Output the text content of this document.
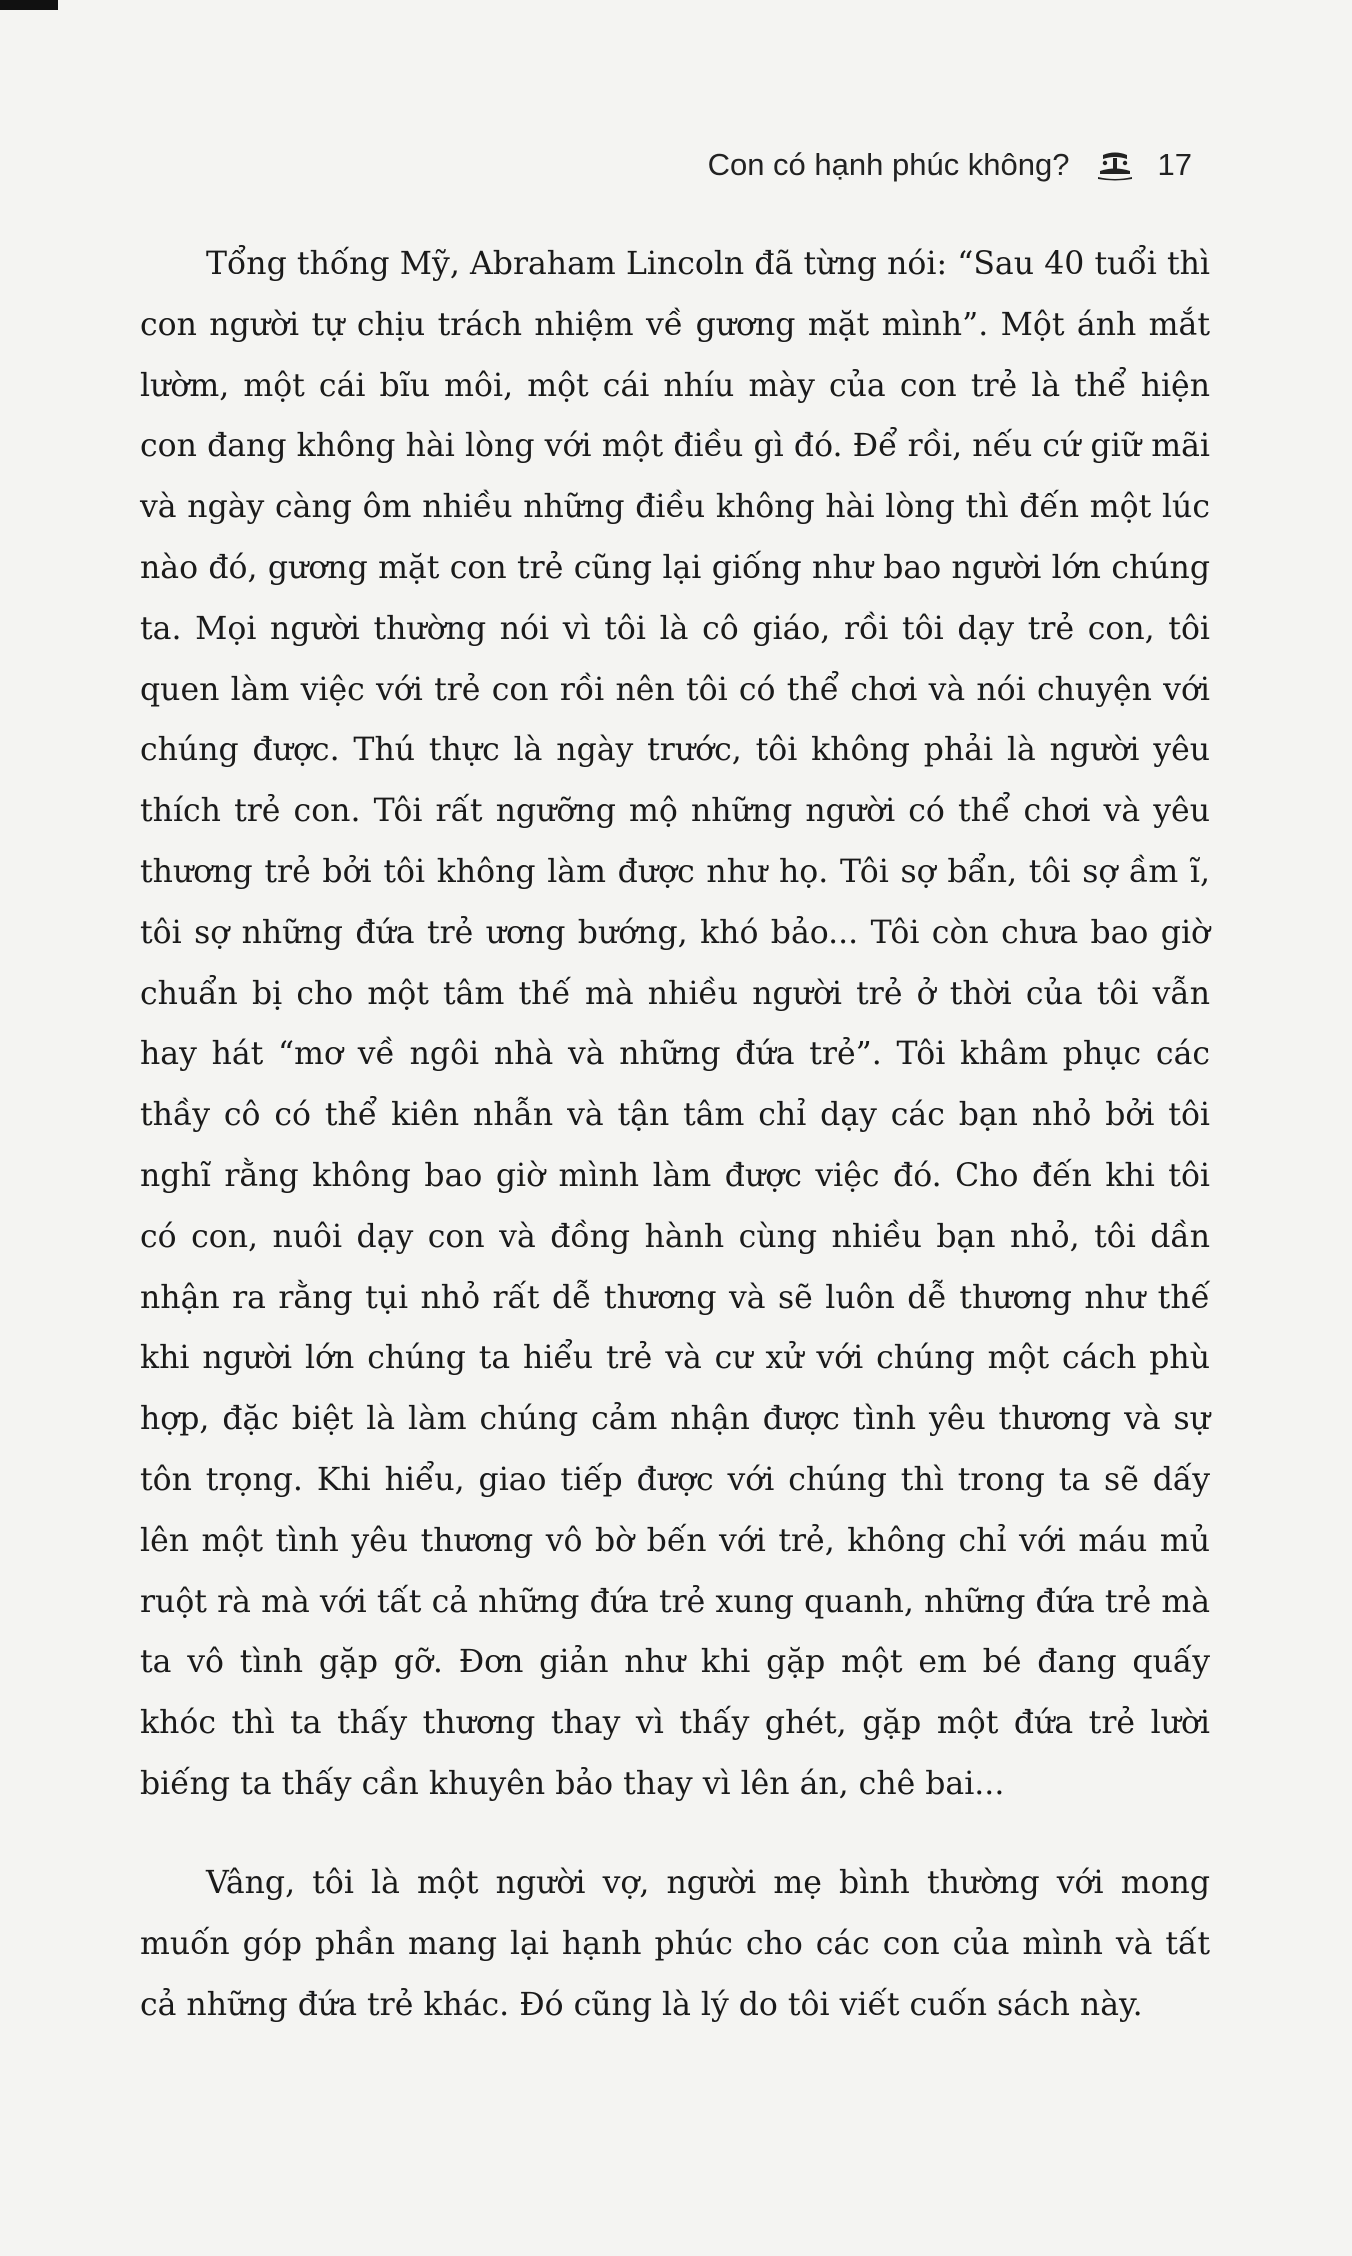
Con có hạnh phúc không?	17

Tổng thống Mỹ, Abraham Lincoln đã từng nói: “Sau 40 tuổi thì con người tự chịu trách nhiệm về gương mặt mình”. Một ánh mắt lườm, một cái bĩu môi, một cái nhíu mày của con trẻ là thể hiện con đang không hài lòng với một điều gì đó. Để rồi, nếu cứ giữ mãi và ngày càng ôm nhiều những điều không hài lòng thì đến một lúc nào đó, gương mặt con trẻ cũng lại giống như bao người lớn chúng ta. Mọi người thường nói vì tôi là cô giáo, rồi tôi dạy trẻ con, tôi quen làm việc với trẻ con rồi nên tôi có thể chơi và nói chuyện với chúng được. Thú thực là ngày trước, tôi không phải là người yêu thích trẻ con. Tôi rất ngưỡng mộ những người có thể chơi và yêu thương trẻ bởi tôi không làm được như họ. Tôi sợ bẩn, tôi sợ ầm ĩ, tôi sợ những đứa trẻ ương bướng, khó bảo... Tôi còn chưa bao giờ chuẩn bị cho một tâm thế mà nhiều người trẻ ở thời của tôi vẫn hay hát “mơ về ngôi nhà và những đứa trẻ”. Tôi khâm phục các thầy cô có thể kiên nhẫn và tận tâm chỉ dạy các bạn nhỏ bởi tôi nghĩ rằng không bao giờ mình làm được việc đó. Cho đến khi tôi có con, nuôi dạy con và đồng hành cùng nhiều bạn nhỏ, tôi dần nhận ra rằng tụi nhỏ rất dễ thương và sẽ luôn dễ thương như thế khi người lớn chúng ta hiểu trẻ và cư xử với chúng một cách phù hợp, đặc biệt là làm chúng cảm nhận được tình yêu thương và sự tôn trọng. Khi hiểu, giao tiếp được với chúng thì trong ta sẽ dấy lên một tình yêu thương vô bờ bến với trẻ, không chỉ với máu mủ ruột rà mà với tất cả những đứa trẻ xung quanh, những đứa trẻ mà ta vô tình gặp gỡ. Đơn giản như khi gặp một em bé đang quấy khóc thì ta thấy thương thay vì thấy ghét, gặp một đứa trẻ lười biếng ta thấy cần khuyên bảo thay vì lên án, chê bai...

Vâng, tôi là một người vợ, người mẹ bình thường với mong muốn góp phần mang lại hạnh phúc cho các con của mình và tất cả những đứa trẻ khác. Đó cũng là lý do tôi viết cuốn sách này.
